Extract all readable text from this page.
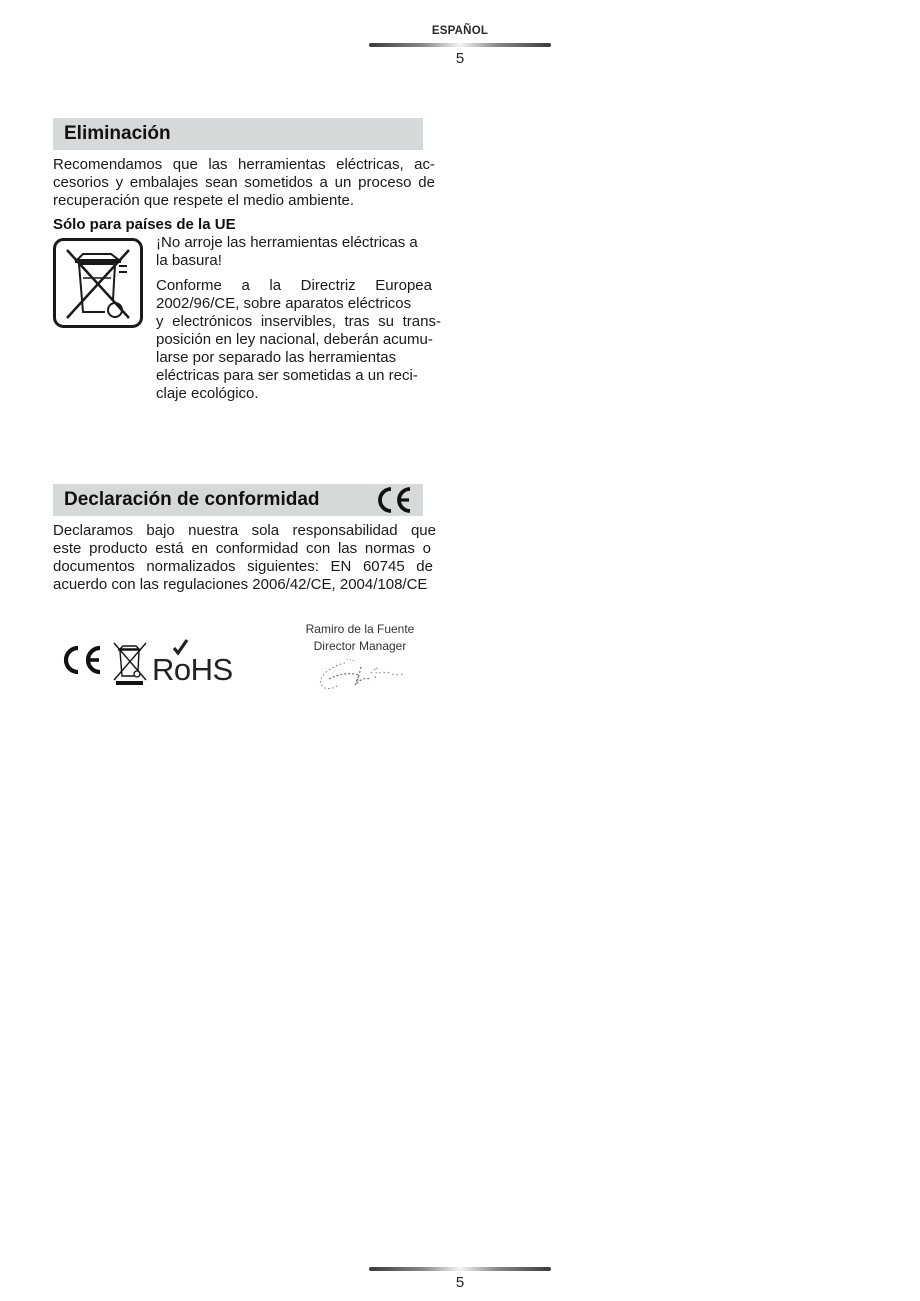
ESPAÑOL
5
Eliminación
Recomendamos que las herramientas eléctricas, ac-
cesorios y embalajes sean sometidos a un proceso de
recuperación que respete el medio ambiente.
Sólo para países de la UE
¡No arroje las herramientas eléctricas a
la basura!
Conforme a la Directriz Europea
2002/96/CE, sobre aparatos eléctricos
y electrónicos inservibles, tras su trans-
posición en ley nacional, deberán acumu-
larse por separado las herramientas
eléctricas para ser sometidas a un reci-
claje ecológico.
Declaración de conformidad
Declaramos bajo nuestra sola responsabilidad que
este producto está en conformidad con las normas o
documentos normalizados siguientes: EN 60745 de
acuerdo con las regulaciones 2006/42/CE, 2004/108/CE
RoHS
Ramiro de la Fuente
Director Manager
5
